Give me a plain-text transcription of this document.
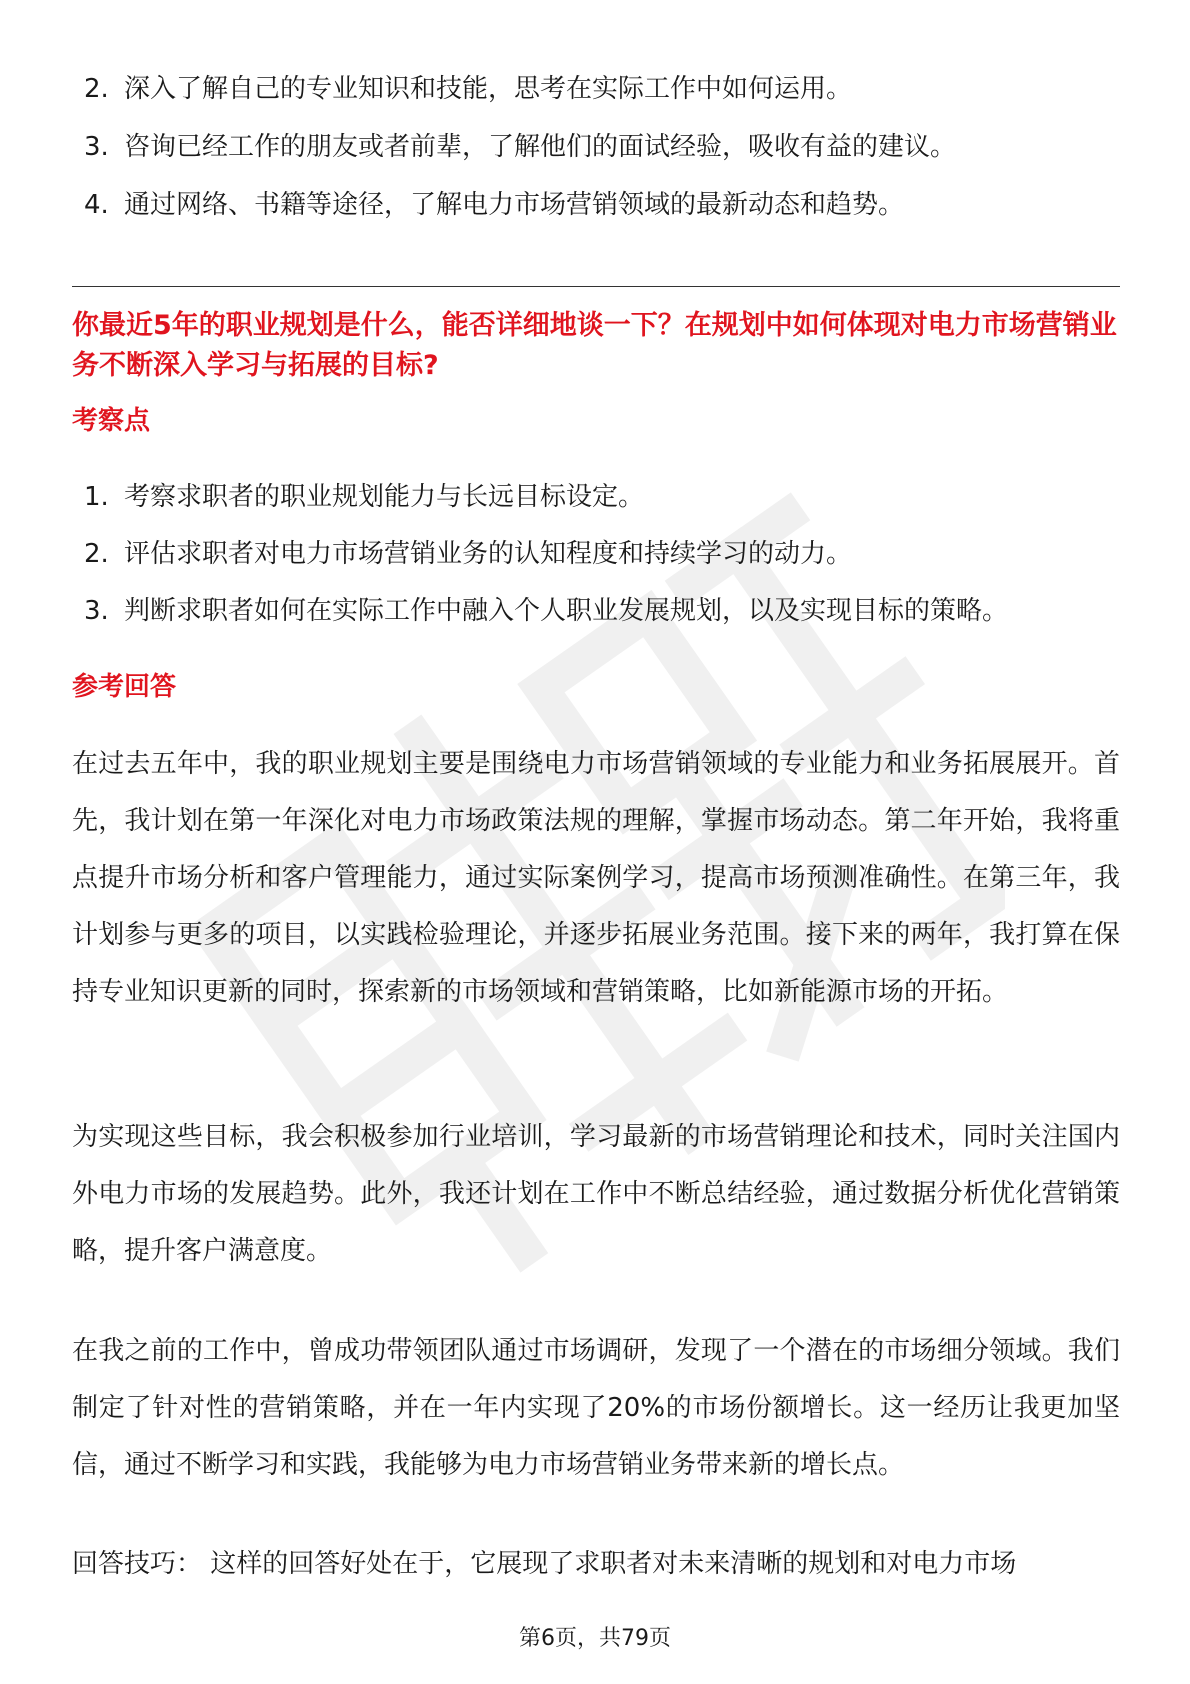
2. 深入了解自己的专业知识和技能，思考在实际工作中如何运用。
3. 咨询已经工作的朋友或者前辈，了解他们的面试经验，吸收有益的建议。
4. 通过网络、书籍等途径，了解电力市场营销领域的最新动态和趋势。
你最近5年的职业规划是什么，能否详细地谈一下？在规划中如何体现对电力市场营销业务不断深入学习与拓展的目标?
考察点
1. 考察求职者的职业规划能力与长远目标设定。
2. 评估求职者对电力市场营销业务的认知程度和持续学习的动力。
3. 判断求职者如何在实际工作中融入个人职业发展规划，以及实现目标的策略。
参考回答

在过去五年中，我的职业规划主要是围绕电力市场营销领域的专业能力和业务拓展展开。首先，我计划在第一年深化对电力市场政策法规的理解，掌握市场动态。第二年开始，我将重点提升市场分析和客户管理能力，通过实际案例学习，提高市场预测准确性。在第三年，我计划参与更多的项目，以实践检验理论，并逐步拓展业务范围。接下来的两年，我打算在保持专业知识更新的同时，探索新的市场领域和营销策略，比如新能源市场的开拓。

为实现这些目标，我会积极参加行业培训，学习最新的市场营销理论和技术，同时关注国内外电力市场的发展趋势。此外，我还计划在工作中不断总结经验，通过数据分析优化营销策略，提升客户满意度。

在我之前的工作中，曾成功带领团队通过市场调研，发现了一个潜在的市场细分领域。我们制定了针对性的营销策略，并在一年内实现了20%的市场份额增长。这一经历让我更加坚信，通过不断学习和实践，我能够为电力市场营销业务带来新的增长点。

回答技巧： 这样的回答好处在于，它展现了求职者对未来清晰的规划和对电力市场

第6页，共79页
